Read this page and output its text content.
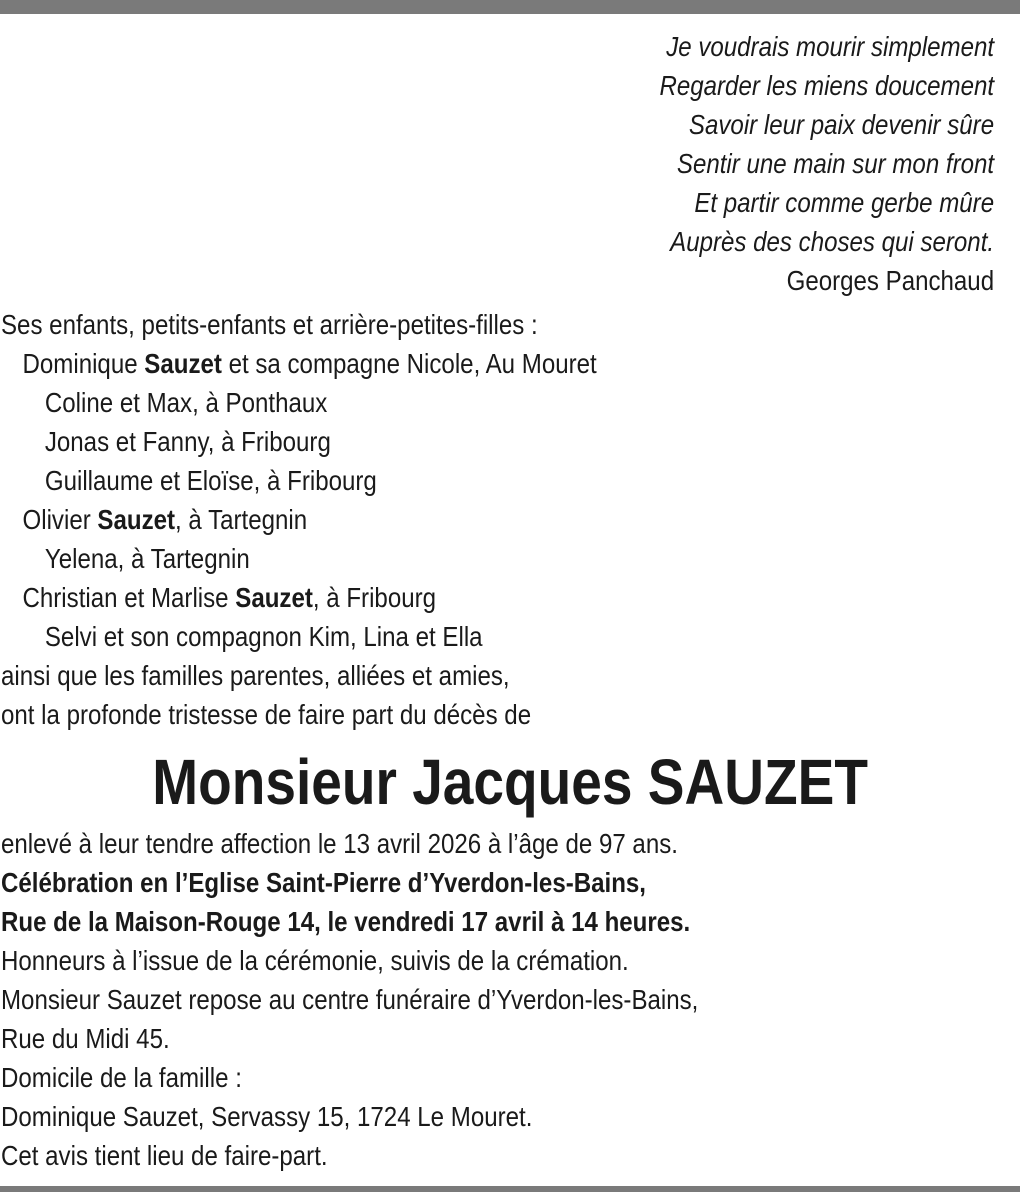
Je voudrais mourir simplement
Regarder les miens doucement
Savoir leur paix devenir sûre
Sentir une main sur mon front
Et partir comme gerbe mûre
Auprès des choses qui seront.
Georges Panchaud
Ses enfants, petits-enfants et arrière-petites-filles :
Dominique Sauzet et sa compagne Nicole, Au Mouret
Coline et Max, à Ponthaux
Jonas et Fanny, à Fribourg
Guillaume et Eloïse, à Fribourg
Olivier Sauzet, à Tartegnin
Yelena, à Tartegnin
Christian et Marlise Sauzet, à Fribourg
Selvi et son compagnon Kim, Lina et Ella
ainsi que les familles parentes, alliées et amies,
ont la profonde tristesse de faire part du décès de
Monsieur Jacques SAUZET
enlevé à leur tendre affection le 13 avril 2026 à l’âge de 97 ans.
Célébration en l’Eglise Saint-Pierre d’Yverdon-les-Bains,
Rue de la Maison-Rouge 14, le vendredi 17 avril à 14 heures.
Honneurs à l’issue de la cérémonie, suivis de la crémation.
Monsieur Sauzet repose au centre funéraire d’Yverdon-les-Bains,
Rue du Midi 45.
Domicile de la famille :
Dominique Sauzet, Servassy 15, 1724 Le Mouret.
Cet avis tient lieu de faire-part.
